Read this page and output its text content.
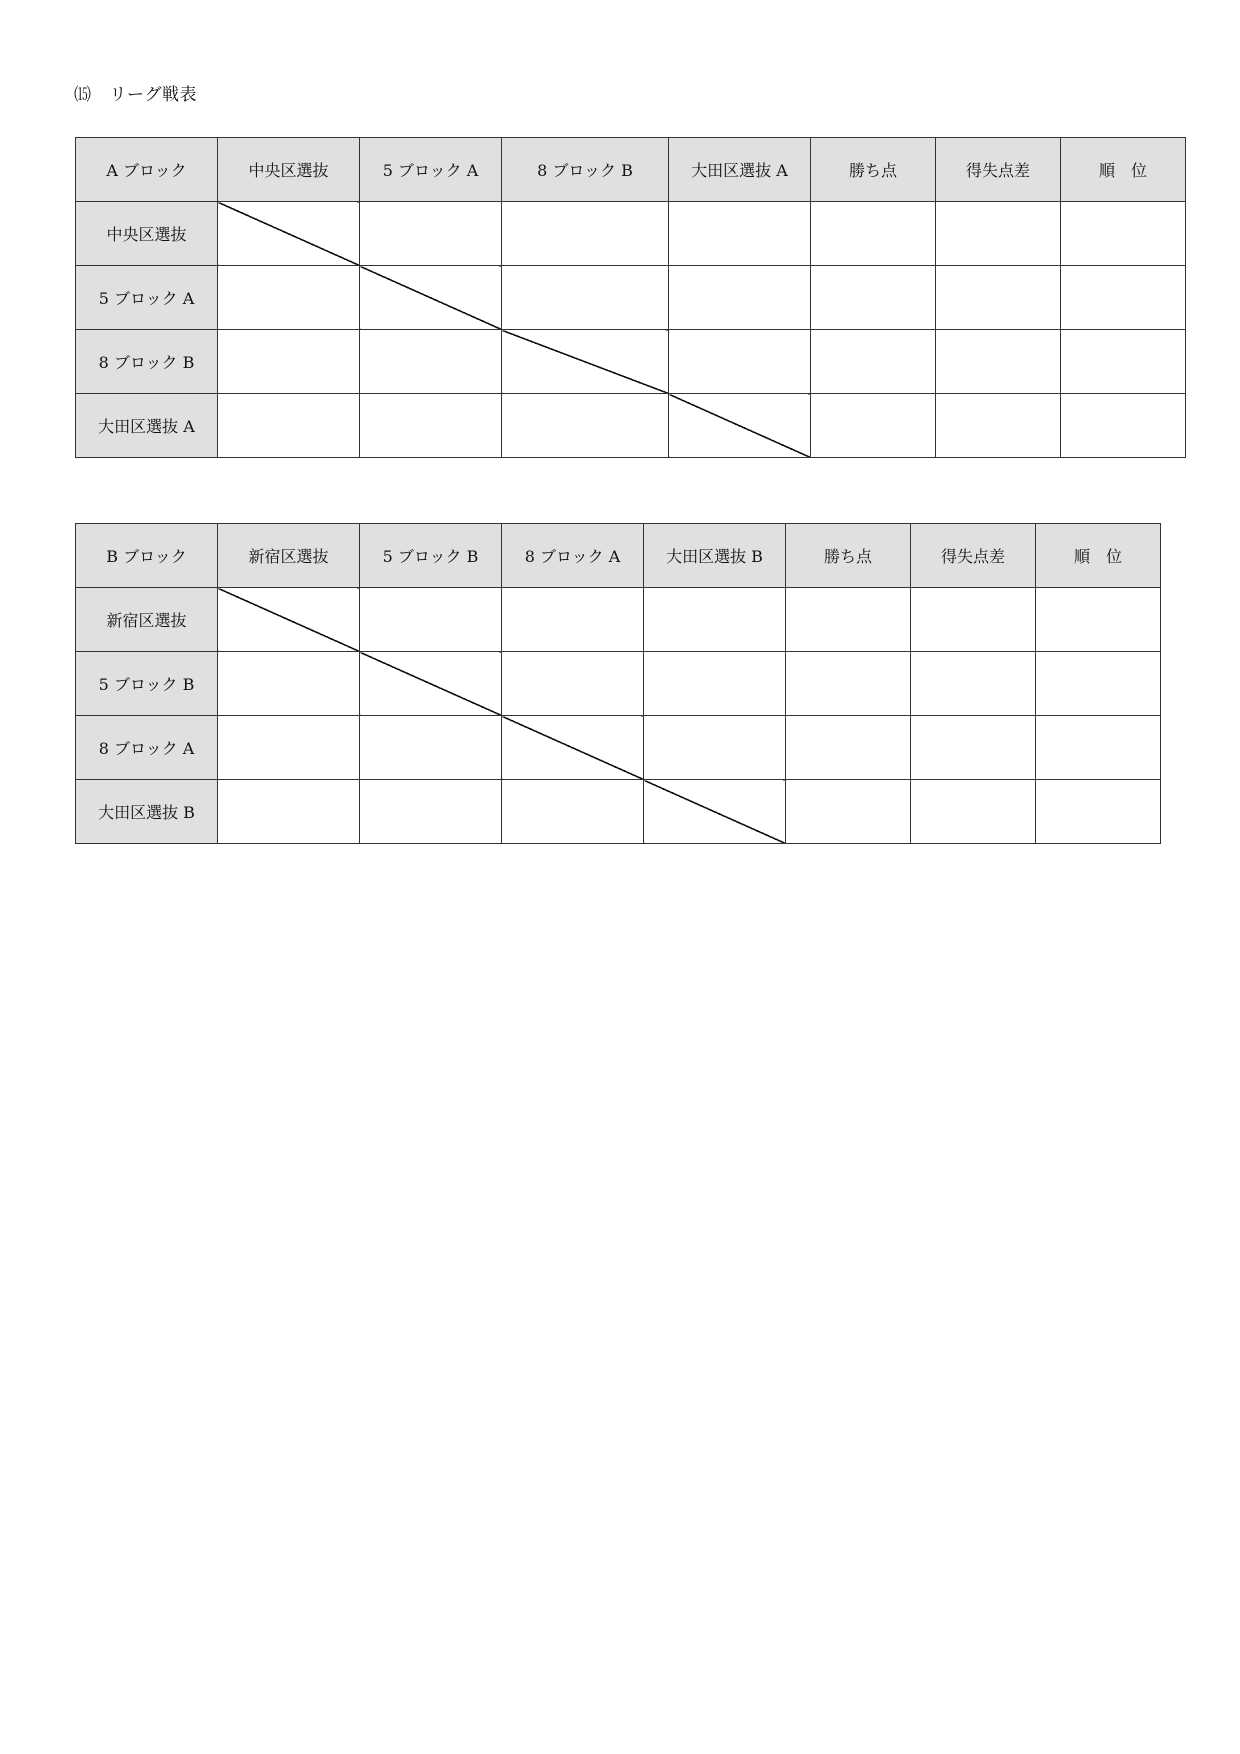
⒂ リーグ戦表
A ブロック	中央区選抜	5 ブロック A	8 ブロック B	大田区選抜 A	勝ち点	得失点差	順　位
中央区選抜							
5 ブロック A							
8 ブロック B							
大田区選抜 A							
B ブロック	新宿区選抜	5 ブロック B	8 ブロック A	大田区選抜 B	勝ち点	得失点差	順　位
新宿区選抜							
5 ブロック B							
8 ブロック A							
大田区選抜 B							
